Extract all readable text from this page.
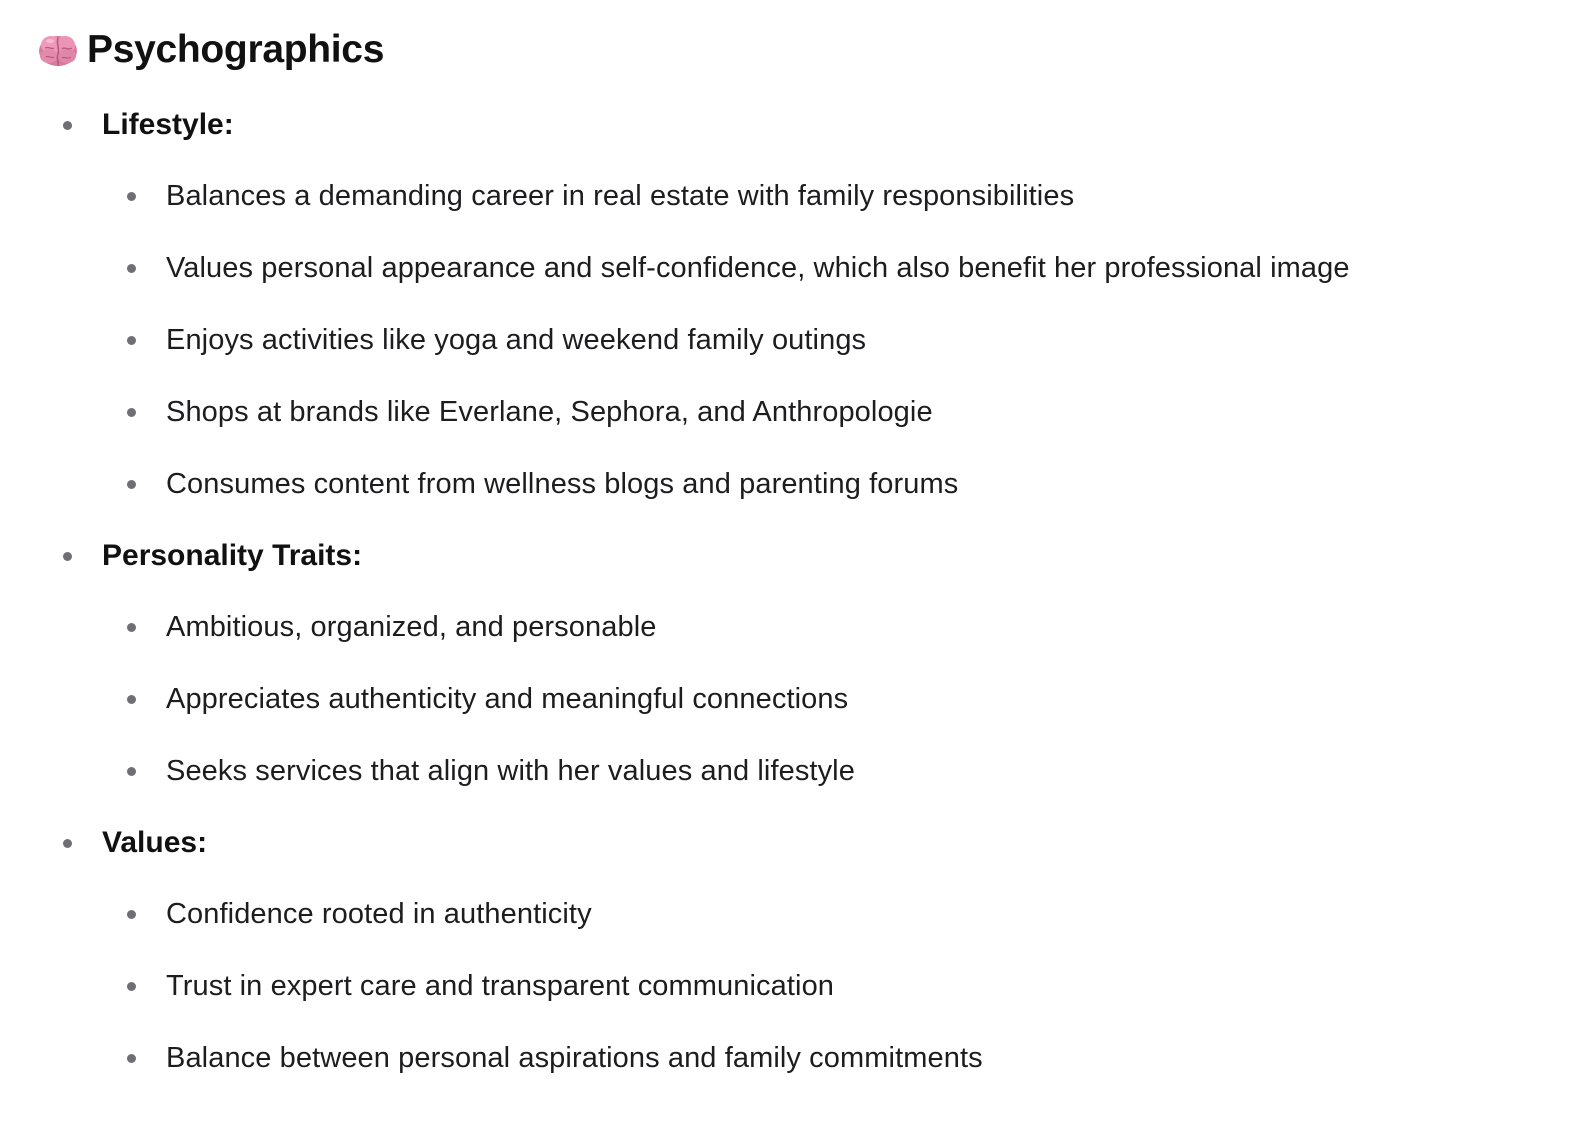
Psychographics
Lifestyle:
Balances a demanding career in real estate with family responsibilities
Values personal appearance and self-confidence, which also benefit her professional image
Enjoys activities like yoga and weekend family outings
Shops at brands like Everlane, Sephora, and Anthropologie
Consumes content from wellness blogs and parenting forums
Personality Traits:
Ambitious, organized, and personable
Appreciates authenticity and meaningful connections
Seeks services that align with her values and lifestyle
Values:
Confidence rooted in authenticity
Trust in expert care and transparent communication
Balance between personal aspirations and family commitments
